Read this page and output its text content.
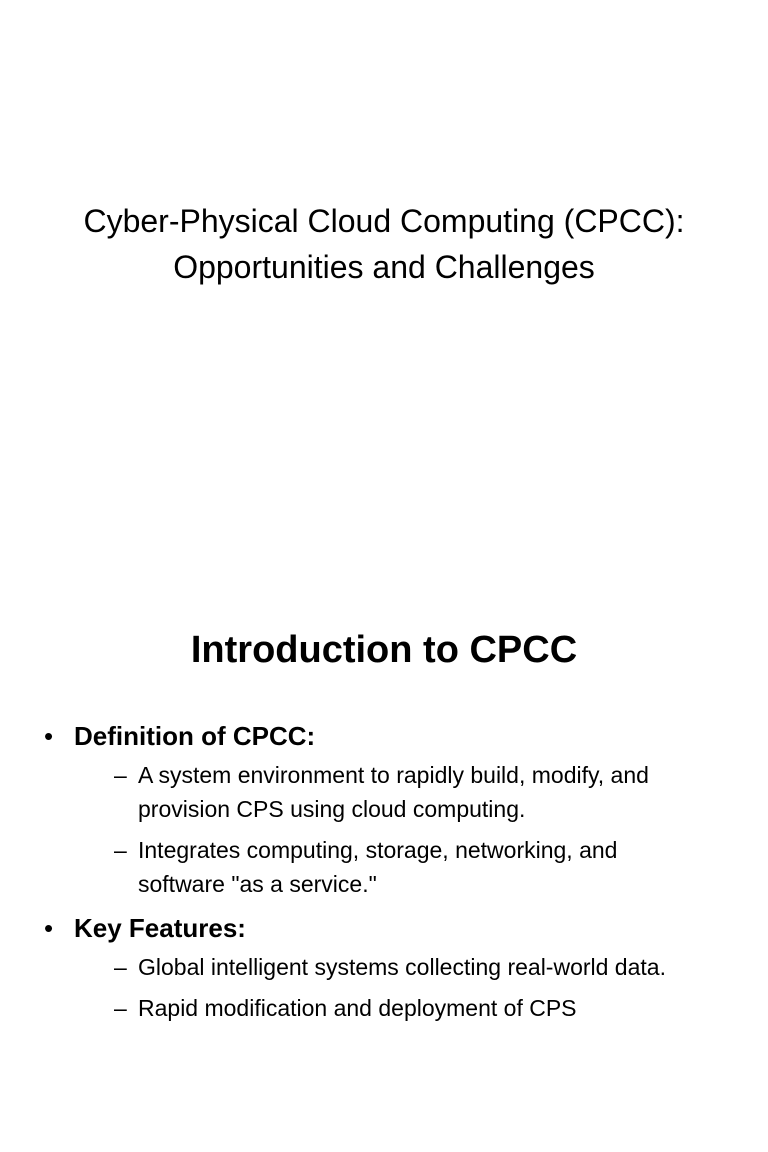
Cyber-Physical Cloud Computing (CPCC):
Opportunities and Challenges
Introduction to CPCC
• Definition of CPCC:
– A system environment to rapidly build, modify, and
provision CPS using cloud computing.
– Integrates computing, storage, networking, and
software "as a service."
• Key Features:
– Global intelligent systems collecting real-world data.
– Rapid modification and deployment of CPS
